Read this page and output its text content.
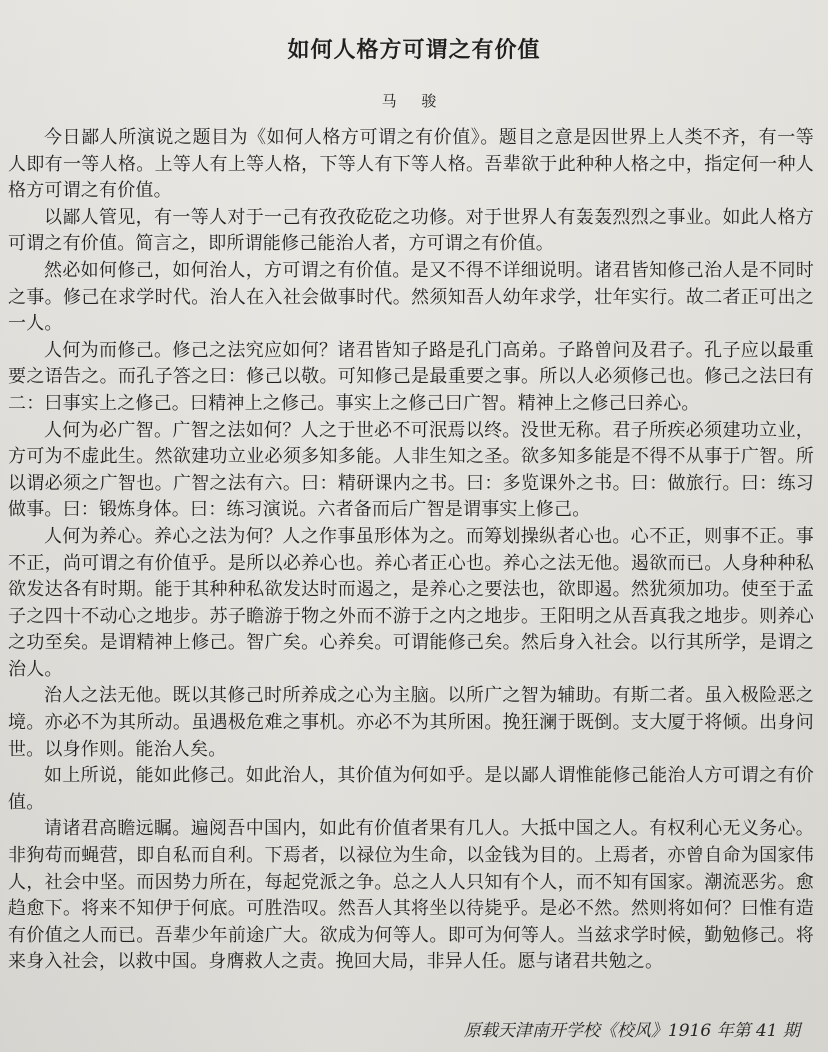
如何人格方可谓之有价值
马 骏

今日鄙人所演说之题目为《如何人格方可谓之有价值》。题目之意是因世界上人类不齐，有一等人即有一等人格。上等人有上等人格，下等人有下等人格。吾辈欲于此种种人格之中，指定何一种人格方可谓之有价值。

以鄙人管见，有一等人对于一己有孜孜矻矻之功修。对于世界人有轰轰烈烈之事业。如此人格方可谓之有价值。简言之，即所谓能修己能治人者，方可谓之有价值。

然必如何修己，如何治人，方可谓之有价值。是又不得不详细说明。诸君皆知修己治人是不同时之事。修己在求学时代。治人在入社会做事时代。然须知吾人幼年求学，壮年实行。故二者正可出之一人。

人何为而修己。修己之法究应如何？诸君皆知子路是孔门高弟。子路曾问及君子。孔子应以最重要之语告之。而孔子答之曰：修己以敬。可知修己是最重要之事。所以人必须修己也。修己之法曰有二：曰事实上之修己。曰精神上之修己。事实上之修己曰广智。精神上之修己曰养心。

人何为必广智。广智之法如何？人之于世必不可泯焉以终。没世无称。君子所疾必须建功立业，方可为不虚此生。然欲建功立业必须多知多能。人非生知之圣。欲多知多能是不得不从事于广智。所以谓必须之广智也。广智之法有六。曰：精研课内之书。曰：多览课外之书。曰：做旅行。曰：练习做事。曰：锻炼身体。曰：练习演说。六者备而后广智是谓事实上修己。

人何为养心。养心之法为何？人之作事虽形体为之。而筹划操纵者心也。心不正，则事不正。事不正，尚可谓之有价值乎。是所以必养心也。养心者正心也。养心之法无他。遏欲而已。人身种种私欲发达各有时期。能于其种种私欲发达时而遏之，是养心之要法也，欲即遏。然犹须加功。使至于孟子之四十不动心之地步。苏子瞻游于物之外而不游于之内之地步。王阳明之从吾真我之地步。则养心之功至矣。是谓精神上修己。智广矣。心养矣。可谓能修己矣。然后身入社会。以行其所学，是谓之治人。

治人之法无他。既以其修己时所养成之心为主脑。以所广之智为辅助。有斯二者。虽入极险恶之境。亦必不为其所动。虽遇极危难之事机。亦必不为其所困。挽狂澜于既倒。支大厦于将倾。出身问世。以身作则。能治人矣。

如上所说，能如此修己。如此治人，其价值为何如乎。是以鄙人谓惟能修己能治人方可谓之有价值。

请诸君高瞻远瞩。遍阅吾中国内，如此有价值者果有几人。大抵中国之人。有权利心无义务心。非狗苟而蝇营，即自私而自利。下焉者，以禄位为生命，以金钱为目的。上焉者，亦曾自命为国家伟人，社会中坚。而因势力所在，每起党派之争。总之人人只知有个人，而不知有国家。潮流恶劣。愈趋愈下。将来不知伊于何底。可胜浩叹。然吾人其将坐以待毙乎。是必不然。然则将如何？曰惟有造有价值之人而已。吾辈少年前途广大。欲成为何等人。即可为何等人。当兹求学时候，勤勉修己。将来身入社会，以救中国。身膺救人之责。挽回大局，非异人任。愿与诸君共勉之。

原载天津南开学校《校风》1916 年第 41 期
